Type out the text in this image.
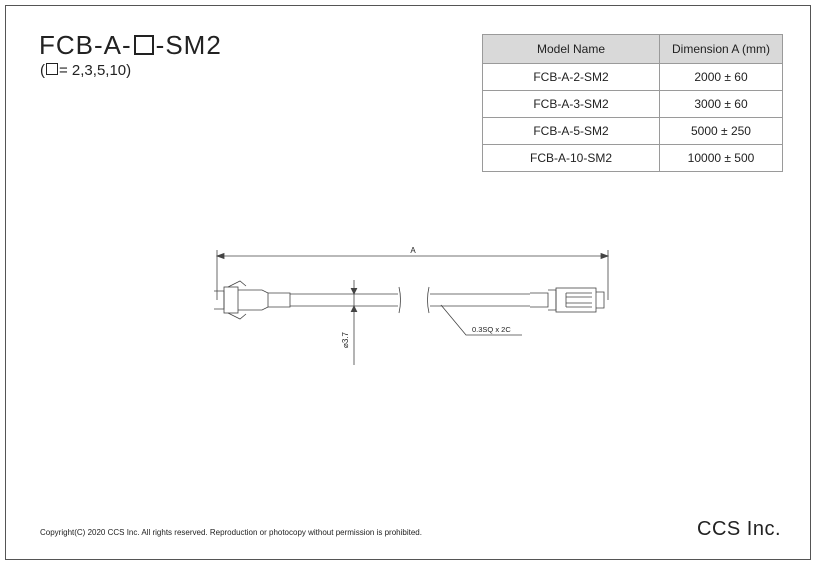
FCB-A- -SM2
( = 2,3,5,10)
Model Name	Dimension A (mm)
FCB-A-2-SM2	2000 ± 60
FCB-A-3-SM2	3000 ± 60
FCB-A-5-SM2	5000 ± 250
FCB-A-10-SM2	10000 ± 500
A
⌀3.7
0.3SQ x 2C
Copyright(C) 2020 CCS Inc. All rights reserved. Reproduction or photocopy without permission is prohibited.	CCS Inc.
